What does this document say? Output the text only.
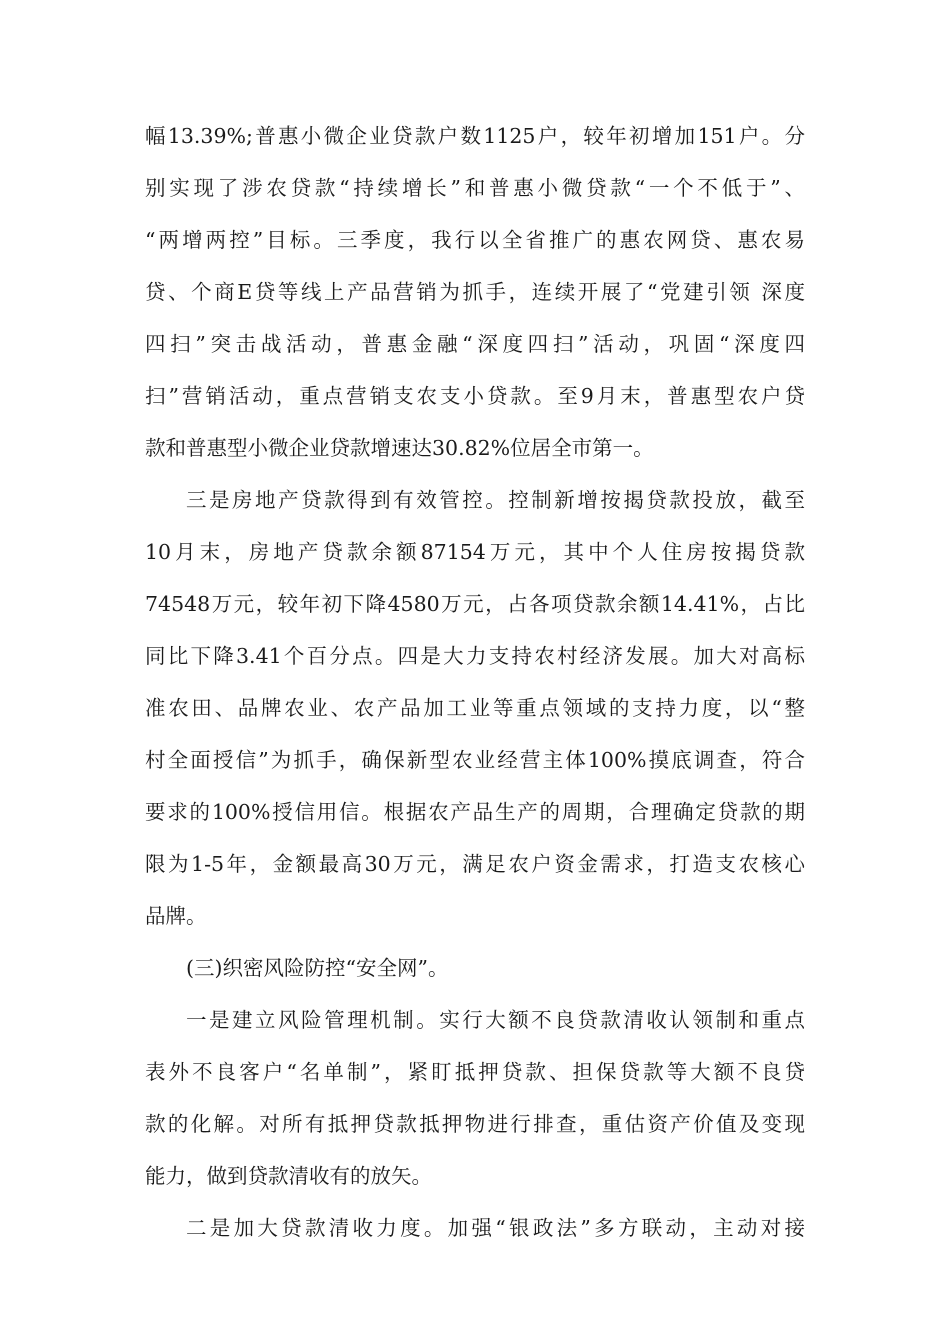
幅13.39%;普惠小微企业贷款户数1125户，较年初增加151户。分
别实现了涉农贷款“持续增长”和普惠小微贷款“一个不低于”、
“两增两控”目标。三季度，我行以全省推广的惠农网贷、惠农易
贷、个商E贷等线上产品营销为抓手，连续开展了“党建引领 深度
四扫”突击战活动，普惠金融“深度四扫”活动，巩固“深度四
扫”营销活动，重点营销支农支小贷款。至9月末，普惠型农户贷
款和普惠型小微企业贷款增速达30.82%位居全市第一。
三是房地产贷款得到有效管控。控制新增按揭贷款投放，截至
10月末，房地产贷款余额87154万元，其中个人住房按揭贷款
74548万元，较年初下降4580万元，占各项贷款余额14.41%，占比
同比下降3.41个百分点。四是大力支持农村经济发展。加大对高标
准农田、品牌农业、农产品加工业等重点领域的支持力度，以“整
村全面授信”为抓手，确保新型农业经营主体100%摸底调查，符合
要求的100%授信用信。根据农产品生产的周期，合理确定贷款的期
限为1-5年，金额最高30万元，满足农户资金需求，打造支农核心
品牌。
(三)织密风险防控“安全网”。
一是建立风险管理机制。实行大额不良贷款清收认领制和重点
表外不良客户“名单制”，紧盯抵押贷款、担保贷款等大额不良贷
款的化解。对所有抵押贷款抵押物进行排查，重估资产价值及变现
能力，做到贷款清收有的放矢。
二是加大贷款清收力度。加强“银政法”多方联动，主动对接
